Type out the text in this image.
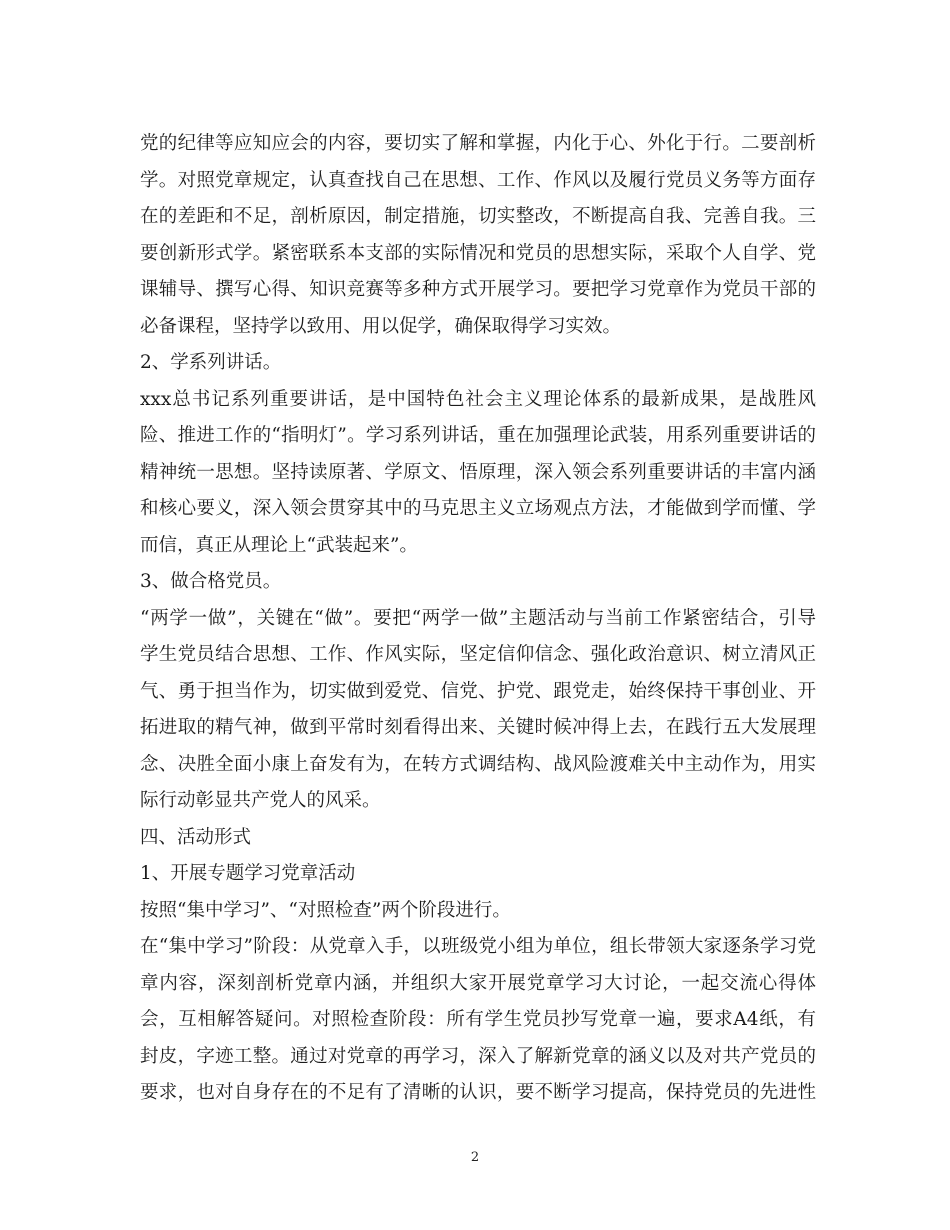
党的纪律等应知应会的内容，要切实了解和掌握，内化于心、外化于行。二要剖析
学。对照党章规定，认真查找自己在思想、工作、作风以及履行党员义务等方面存
在的差距和不足，剖析原因，制定措施，切实整改，不断提高自我、完善自我。三
要创新形式学。紧密联系本支部的实际情况和党员的思想实际，采取个人自学、党
课辅导、撰写心得、知识竞赛等多种方式开展学习。要把学习党章作为党员干部的
必备课程，坚持学以致用、用以促学，确保取得学习实效。
2、学系列讲话。
xxx总书记系列重要讲话，是中国特色社会主义理论体系的最新成果，是战胜风
险、推进工作的“指明灯”。学习系列讲话，重在加强理论武装，用系列重要讲话的
精神统一思想。坚持读原著、学原文、悟原理，深入领会系列重要讲话的丰富内涵
和核心要义，深入领会贯穿其中的马克思主义立场观点方法，才能做到学而懂、学
而信，真正从理论上“武装起来”。
3、做合格党员。
“两学一做”，关键在“做”。要把“两学一做”主题活动与当前工作紧密结合，引导
学生党员结合思想、工作、作风实际，坚定信仰信念、强化政治意识、树立清风正
气、勇于担当作为，切实做到爱党、信党、护党、跟党走，始终保持干事创业、开
拓进取的精气神，做到平常时刻看得出来、关键时候冲得上去，在践行五大发展理
念、决胜全面小康上奋发有为，在转方式调结构、战风险渡难关中主动作为，用实
际行动彰显共产党人的风采。
四、活动形式
1、开展专题学习党章活动
按照“集中学习”、“对照检查”两个阶段进行。
在“集中学习”阶段：从党章入手，以班级党小组为单位，组长带领大家逐条学习党
章内容，深刻剖析党章内涵，并组织大家开展党章学习大讨论，一起交流心得体
会，互相解答疑问。对照检查阶段：所有学生党员抄写党章一遍，要求A4纸，有
封皮，字迹工整。通过对党章的再学习，深入了解新党章的涵义以及对共产党员的
要求，也对自身存在的不足有了清晰的认识，要不断学习提高，保持党员的先进性
2
